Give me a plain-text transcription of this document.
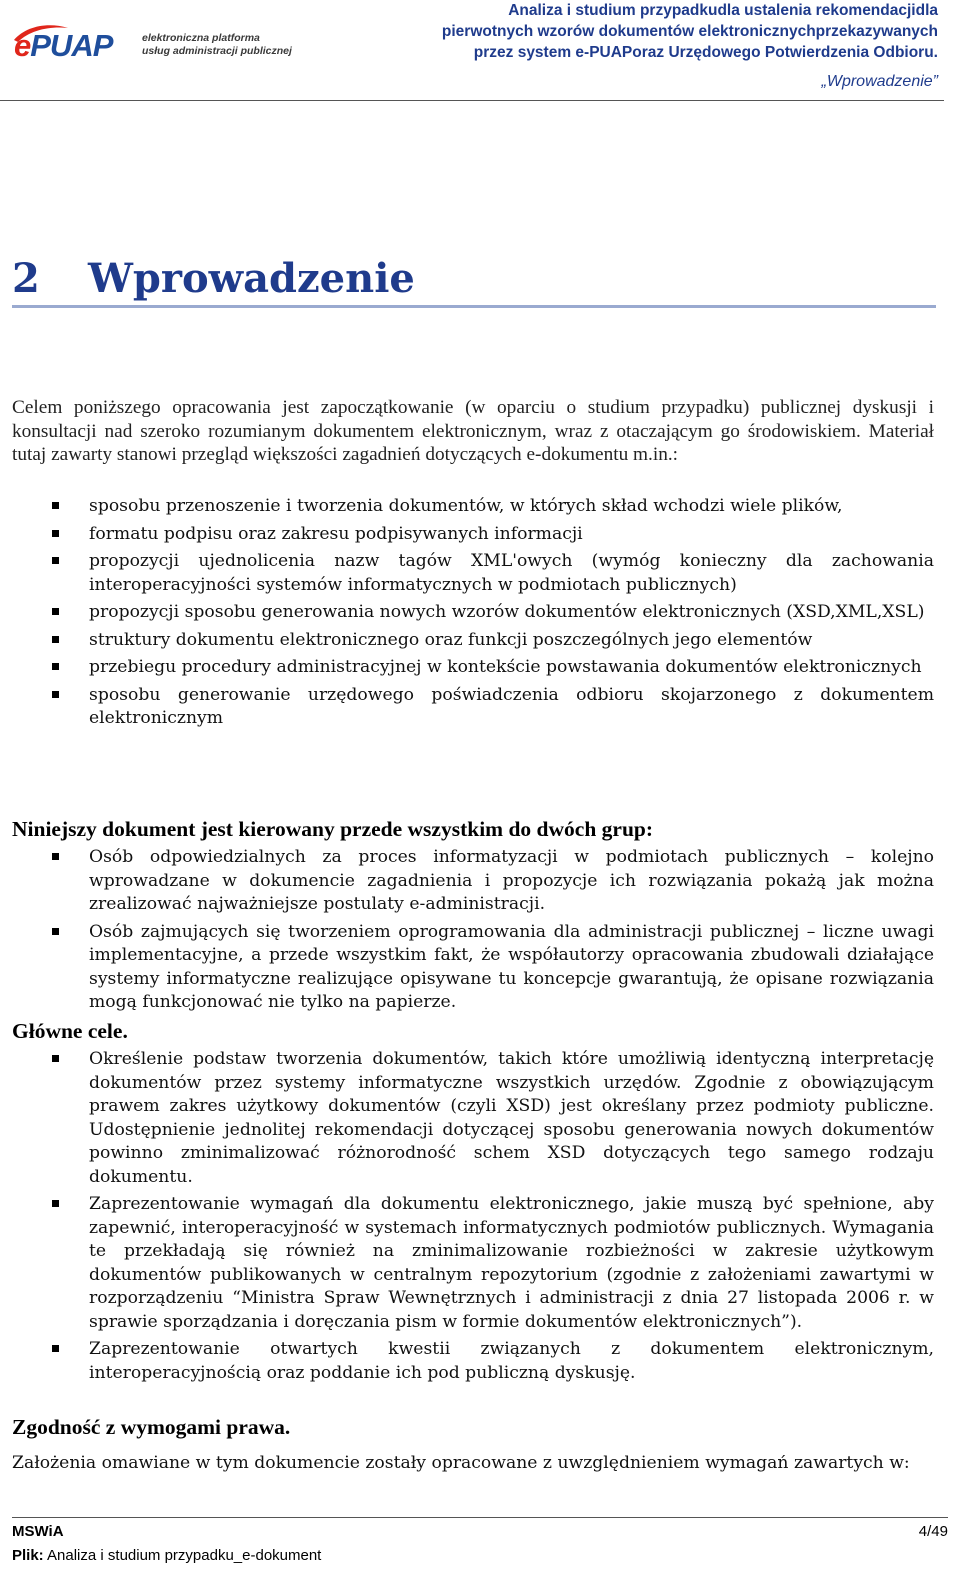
ePUAP	elektroniczna platforma
usług administracji publicznej
Analiza i studium przypadkudla ustalenia rekomendacjidla
pierwotnych wzorów dokumentów elektronicznychprzekazywanych
przez system e-PUAPoraz Urzędowego Potwierdzenia Odbioru.
„Wprowadzenie”
2 Wprowadzenie
Celem poniższego opracowania jest zapoczątkowanie (w oparciu o studium przypadku) publicznej dyskusji i konsultacji nad szeroko rozumianym dokumentem elektronicznym, wraz z otaczającym go środowiskiem. Materiał tutaj zawarty stanowi przegląd większości zagadnień dotyczących e-dokumentu m.in.:
sposobu przenoszenie i tworzenia dokumentów, w których skład wchodzi wiele plików,
formatu podpisu oraz zakresu podpisywanych informacji
propozycji ujednolicenia nazw tagów XML'owych (wymóg konieczny dla zachowania interoperacyjności systemów informatycznych w podmiotach publicznych)
propozycji sposobu generowania nowych wzorów dokumentów elektronicznych (XSD,XML,XSL)
struktury dokumentu elektronicznego oraz funkcji poszczególnych jego elementów
przebiegu procedury administracyjnej w kontekście powstawania dokumentów elektronicznych
sposobu generowanie urzędowego poświadczenia odbioru skojarzonego z dokumentem elektronicznym
Niniejszy dokument jest kierowany przede wszystkim do dwóch grup:
Osób odpowiedzialnych za proces informatyzacji w podmiotach publicznych – kolejno wprowadzane w dokumencie zagadnienia i propozycje ich rozwiązania pokażą jak można zrealizować najważniejsze postulaty e-administracji.
Osób zajmujących się tworzeniem oprogramowania dla administracji publicznej – liczne uwagi implementacyjne, a przede wszystkim fakt, że współautorzy opracowania zbudowali działające systemy informatyczne realizujące opisywane tu koncepcje gwarantują, że opisane rozwiązania mogą funkcjonować nie tylko na papierze.
Główne cele.
Określenie podstaw tworzenia dokumentów, takich które umożliwią identyczną interpretację dokumentów przez systemy informatyczne wszystkich urzędów. Zgodnie z obowiązującym prawem zakres użytkowy dokumentów (czyli XSD) jest określany przez podmioty publiczne. Udostępnienie jednolitej rekomendacji dotyczącej sposobu generowania nowych dokumentów powinno zminimalizować różnorodność schem XSD dotyczących tego samego rodzaju dokumentu.
Zaprezentowanie wymagań dla dokumentu elektronicznego, jakie muszą być spełnione, aby zapewnić, interoperacyjność w systemach informatycznych podmiotów publicznych. Wymagania te przekładają się również na zminimalizowanie rozbieżności w zakresie użytkowym dokumentów publikowanych w centralnym repozytorium (zgodnie z założeniami zawartymi w rozporządzeniu “Ministra Spraw Wewnętrznych i administracji z dnia 27 listopada 2006 r. w sprawie sporządzania i doręczania pism w formie dokumentów elektronicznych”).
Zaprezentowanie otwartych kwestii związanych z dokumentem elektronicznym, interoperacyjnością oraz poddanie ich pod publiczną dyskusję.
Zgodność z wymogami prawa.
Założenia omawiane w tym dokumencie zostały opracowane z uwzględnieniem wymagań zawartych w:
MSWiA	4/49
Plik: Analiza i studium przypadku_e-dokument
